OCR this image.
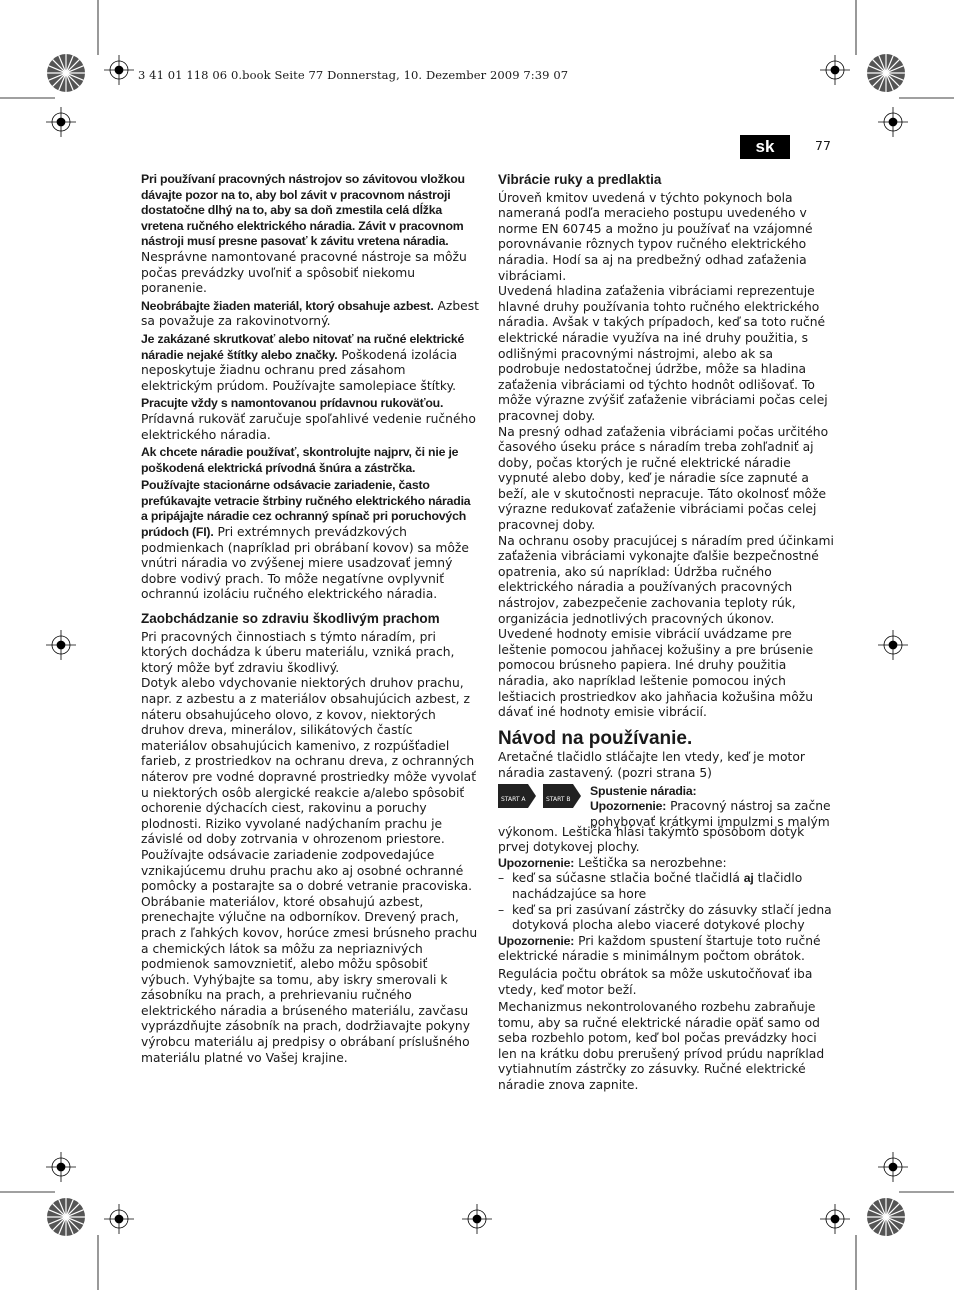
3 41 01 118 06 0.book Seite 77 Donnerstag, 10. Dezember 2009 7:39 07
sk	77

Pri používaní pracovných nástrojov so závitovou vložkou dávajte pozor na to, aby bol závit v pracovnom nástroji dostatočne dlhý na to, aby sa doň zmestila celá dĺžka vretena ručného elektrického náradia. Závit v pracovnom nástroji musí presne pasovať k závitu vretena náradia.
Nesprávne namontované pracovné nástroje sa môžu počas prevádzky uvoľniť a spôsobiť niekomu poranenie.

Neobrábajte žiaden materiál, ktorý obsahuje azbest. Azbest sa považuje za rakovinotvorný.

Je zakázané skrutkovať alebo nitovať na ručné elektrické náradie nejaké štítky alebo značky. Poškodená izolácia neposkytuje žiadnu ochranu pred zásahom elektrickým prúdom. Používajte samolepiace štítky.

Pracujte vždy s namontovanou prídavnou rukoväťou.
Prídavná rukoväť zaručuje spoľahlivé vedenie ručného elektrického náradia.

Ak chcete náradie používať, skontrolujte najprv, či nie je poškodená elektrická prívodná šnúra a zástrčka.

Používajte stacionárne odsávacie zariadenie, často prefúkavajte vetracie štrbiny ručného elektrického náradia a pripájajte náradie cez ochranný spínač pri poruchových prúdoch (FI). Pri extrémnych prevádzkových podmienkach (napríklad pri obrábaní kovov) sa môže vnútri náradia vo zvýšenej miere usadzovať jemný dobre vodivý prach. To môže negatívne ovplyvniť ochrannú izoláciu ručného elektrického náradia.

Zaobchádzanie so zdraviu škodlivým prachom

Pri pracovných činnostiach s týmto náradím, pri ktorých dochádza k úberu materiálu, vzniká prach, ktorý môže byť zdraviu škodlivý.

Dotyk alebo vdychovanie niektorých druhov prachu, napr. z azbestu a z materiálov obsahujúcich azbest, z náteru obsahujúceho olovo, z kovov, niektorých druhov dreva, minerálov, silikátových častíc materiálov obsahujúcich kamenivo, z rozpúšťadiel farieb, z prostriedkov na ochranu dreva, z ochranných náterov pre vodné dopravné prostriedky môže vyvolať u niektorých osôb alergické reakcie a/alebo spôsobiť ochorenie dýchacích ciest, rakovinu a poruchy plodnosti. Riziko vyvolané nadýchaním prachu je závislé od doby zotrvania v ohrozenom priestore. Používajte odsávacie zariadenie zodpovedajúce vznikajúcemu druhu prachu ako aj osobné ochranné pomôcky a postarajte sa o dobré vetranie pracoviska. Obrábanie materiálov, ktoré obsahujú azbest, prenechajte výlučne na odborníkov. Drevený prach, prach z ľahkých kovov, horúce zmesi brúsneho prachu a chemických látok sa môžu za nepriaznivých podmienok samovznietiť, alebo môžu spôsobiť výbuch. Vyhýbajte sa tomu, aby iskry smerovali k zásobníku na prach, a prehrievaniu ručného elektrického náradia a brúseného materiálu, zavčasu vyprázdňujte zásobník na prach, dodržiavajte pokyny výrobcu materiálu aj predpisy o obrábaní príslušného materiálu platné vo Vašej krajine.

Vibrácie ruky a predlaktia

Úroveň kmitov uvedená v týchto pokynoch bola nameraná podľa meracieho postupu uvedeného v norme EN 60745 a možno ju používať na vzájomné porovnávanie rôznych typov ručného elektrického náradia. Hodí sa aj na predbežný odhad zaťaženia vibráciami.

Uvedená hladina zaťaženia vibráciami reprezentuje hlavné druhy používania tohto ručného elektrického náradia. Avšak v takých prípadoch, keď sa toto ručné elektrické náradie využíva na iné druhy použitia, s odlišnými pracovnými nástrojmi, alebo ak sa podrobuje nedostatočnej údržbe, môže sa hladina zaťaženia vibráciami od týchto hodnôt odlišovať. To môže výrazne zvýšiť zaťaženie vibráciami počas celej pracovnej doby.

Na presný odhad zaťaženia vibráciami počas určitého časového úseku práce s náradím treba zohľadniť aj doby, počas ktorých je ručné elektrické náradie vypnuté alebo doby, keď je náradie síce zapnuté a beží, ale v skutočnosti nepracuje. Táto okolnosť môže výrazne redukovať zaťaženie vibráciami počas celej pracovnej doby.

Na ochranu osoby pracujúcej s náradím pred účinkami zaťaženia vibráciami vykonajte ďalšie bezpečnostné opatrenia, ako sú napríklad: Údržba ručného elektrického náradia a používaných pracovných nástrojov, zabezpečenie zachovania teploty rúk, organizácia jednotlivých pracovných úkonov.

Uvedené hodnoty emisie vibrácií uvádzame pre leštenie pomocou jahňacej kožušiny a pre brúsenie pomocou brúsneho papiera. Iné druhy použitia náradia, ako napríklad leštenie pomocou iných leštiacich prostriedkov ako jahňacia kožušina môžu dávať iné hodnoty emisie vibrácií.

Návod na používanie.

Aretačné tlačidlo stláčajte len vtedy, keď je motor náradia zastavený. (pozri strana 5)

START A	START B
Spustenie náradia:
Upozornenie: Pracovný nástroj sa začne pohybovať krátkymi impulzmi s malým

výkonom. Leštička hlási takýmto spôsobom dotyk prvej dotykovej plochy.

Upozornenie: Leštička sa nerozbehne:

– keď sa súčasne stlačia bočné tlačidlá aj tlačidlo nachádzajúce sa hore

– keď sa pri zasúvaní zástrčky do zásuvky stlačí jedna dotyková plocha alebo viaceré dotykové plochy

Upozornenie: Pri každom spustení štartuje toto ručné elektrické náradie s minimálnym počtom obrátok.

Regulácia počtu obrátok sa môže uskutočňovať iba vtedy, keď motor beží.

Mechanizmus nekontrolovaného rozbehu zabraňuje tomu, aby sa ručné elektrické náradie opäť samo od seba rozbehlo potom, keď bol počas prevádzky hoci len na krátku dobu prerušený prívod prúdu napríklad vytiahnutím zástrčky zo zásuvky. Ručné elektrické náradie znova zapnite.
